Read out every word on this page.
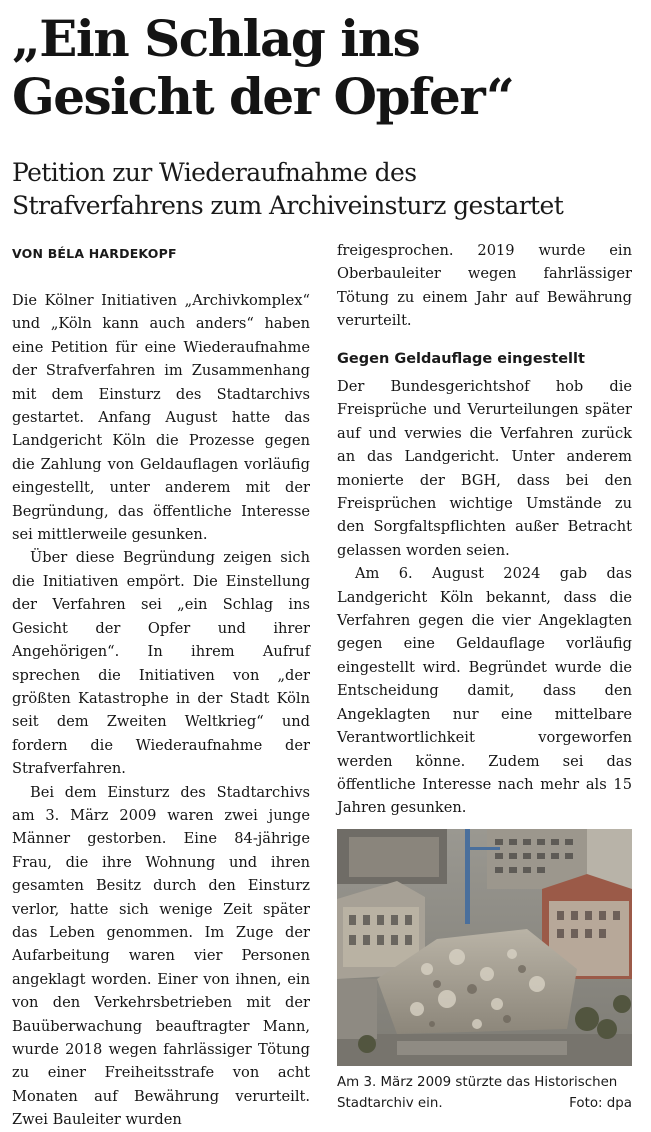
„Ein Schlag ins
Gesicht der Opfer“
Petition zur Wiederaufnahme des
Strafverfahrens zum Archiveinsturz gestartet
VON BÉLA HARDEKOPF

Die Kölner Initiativen „Archivkomplex“ und „Köln kann auch anders“ haben eine Petition für eine Wiederaufnahme der Strafverfahren im Zusammenhang mit dem Einsturz des Stadtarchivs gestartet. Anfang August hatte das Landgericht Köln die Prozesse gegen die Zahlung von Geldauflagen vorläufig eingestellt, unter anderem mit der Begründung, das öffentliche Interesse sei mittlerweile gesunken.

Über diese Begründung zeigen sich die Initiativen empört. Die Einstellung der Verfahren sei „ein Schlag ins Gesicht der Opfer und ihrer Angehörigen“. In ihrem Aufruf sprechen die Initiativen von „der größten Katastrophe in der Stadt Köln seit dem Zweiten Weltkrieg“ und fordern die Wiederaufnahme der Strafverfahren.

Bei dem Einsturz des Stadtarchivs am 3. März 2009 waren zwei junge Männer gestorben. Eine 84-jährige Frau, die ihre Wohnung und ihren gesamten Besitz durch den Einsturz verlor, hatte sich wenige Zeit später das Leben genommen. Im Zuge der Aufarbeitung waren vier Personen angeklagt worden. Einer von ihnen, ein von den Verkehrsbetrieben mit der Bauüberwachung beauftragter Mann, wurde 2018 wegen fahrlässiger Tötung zu einer Freiheitsstrafe von acht Monaten auf Bewährung verurteilt. Zwei Bauleiter wurden

freigesprochen. 2019 wurde ein Oberbauleiter wegen fahrlässiger Tötung zu einem Jahr auf Bewährung verurteilt.

Gegen Geldauflage eingestellt

Der Bundesgerichtshof hob die Freisprüche und Verurteilungen später auf und verwies die Verfahren zurück an das Landgericht. Unter anderem monierte der BGH, dass bei den Freisprüchen wichtige Umstände zu den Sorgfaltspflichten außer Betracht gelassen worden seien.

Am 6. August 2024 gab das Landgericht Köln bekannt, dass die Verfahren gegen die vier Angeklagten gegen eine Geldauflage vorläufig eingestellt wird. Begründet wurde die Entscheidung damit, dass den Angeklagten nur eine mittelbare Verantwortlichkeit vorgeworfen werden könne. Zudem sei das öffentliche Interesse nach mehr als 15 Jahren gesunken.

Am 3. März 2009 stürzte das Historischen Stadtarchiv ein.	Foto: dpa
